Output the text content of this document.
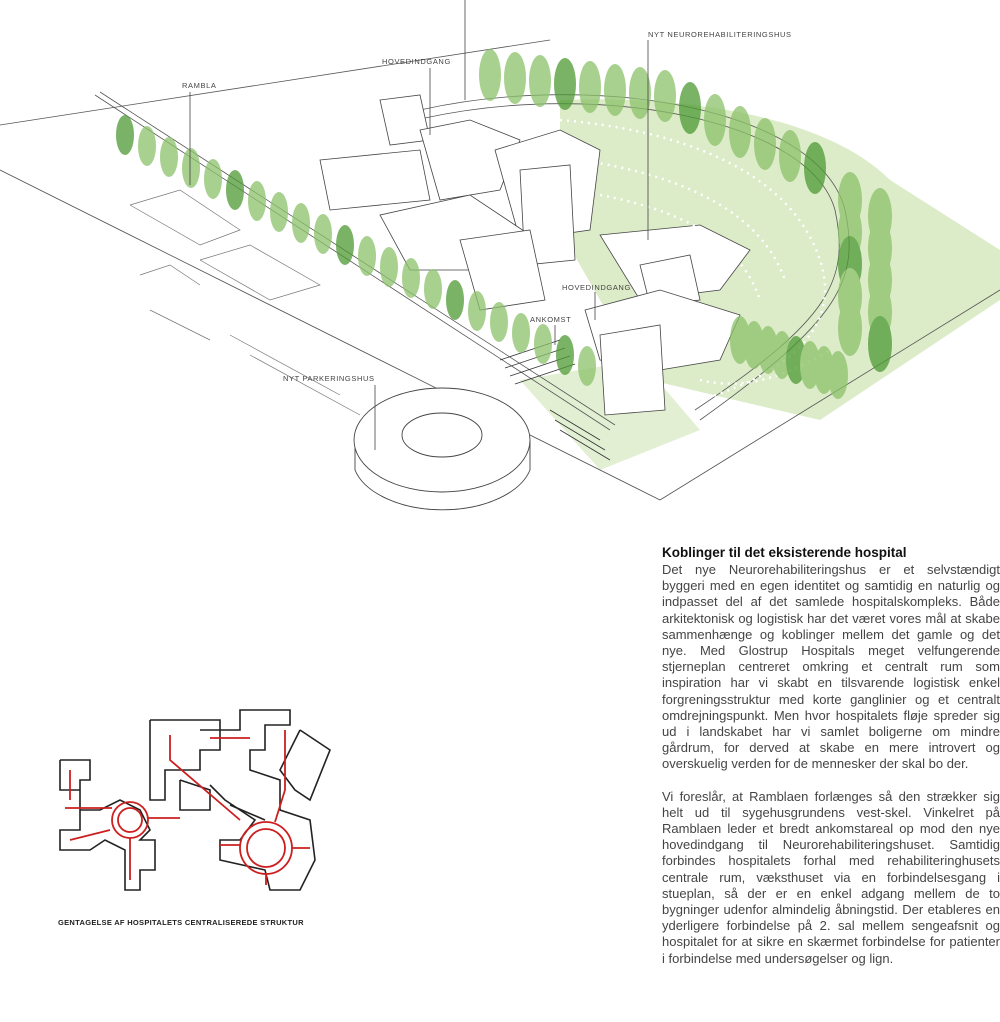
RAMBLA
HOVEDINDGANG
NYT NEUROREHABILITERINGSHUS
HOVEDINDGANG
ANKOMST
NYT PARKERINGSHUS
GENTAGELSE AF HOSPITALETS CENTRALISEREDE STRUKTUR
Koblinger til det eksisterende hospital

Det nye Neurorehabiliteringshus er et selvstændigt byggeri med en egen identitet og samtidig en naturlig og indpasset del af det samlede hospitalskompleks. Både arkitektonisk og logistisk har det været vores mål at skabe sammenhænge og koblinger mellem det gamle og det nye. Med Glostrup Hospitals meget velfungerende stjerneplan centreret omkring et centralt rum som inspiration har vi skabt en tilsvarende logistisk enkel forgreningsstruktur med korte ganglinier og et centralt omdrejningspunkt. Men hvor hospitalets fløje spreder sig ud i landskabet har vi samlet boligerne om mindre gårdrum, for derved at skabe en mere introvert og overskuelig verden for de mennesker der skal bo der.

Vi foreslår, at Ramblaen forlænges så den strækker sig helt ud til sygehusgrundens vest-skel. Vinkelret på Ramblaen leder et bredt ankomstareal op mod den nye hovedindgang til Neurorehabiliteringshuset. Samtidig forbindes hospitalets forhal med rehabiliteringhusets centrale rum, væksthuset via en forbindelsesgang i stueplan, så der er en enkel adgang mellem de to bygninger udenfor almindelig åbningstid. Der etableres en yderligere forbindelse på 2. sal mellem sengeafsnit og hospitalet for at sikre en skærmet forbindelse for patienter i forbindelse med undersøgelser og lign.
